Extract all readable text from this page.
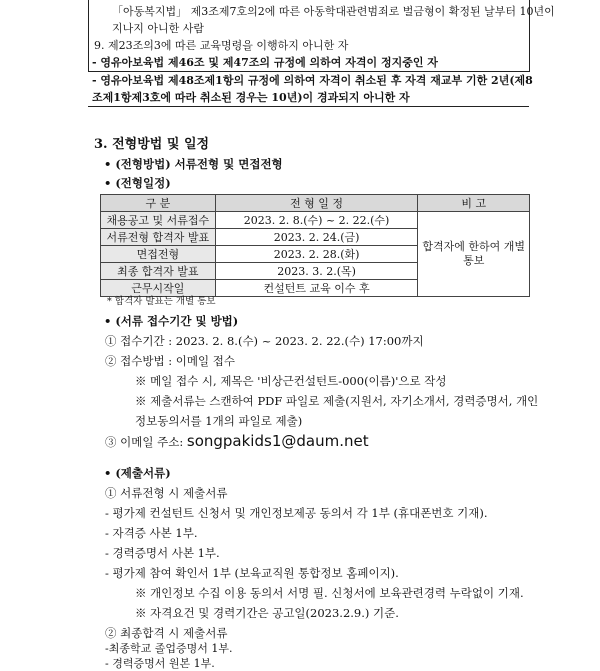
「아동복지법」 제3조제7호의2에 따른 아동학대관련범죄로 벌금형이 확정된 날부터 10년이
지나지 아니한 사람
9. 제23조의3에 따른 교육명령을 이행하지 아니한 자
- 영유아보육법 제46조 및 제47조의 규정에 의하여 자격이 정지중인 자
- 영유아보육법 제48조제1항의 규정에 의하여 자격이 취소된 후 자격 재교부 기한 2년(제8
조제1항제3호에 따라 취소된 경우는 10년)이 경과되지 아니한 자
3. 전형방법 및 일정
• (전형방법) 서류전형 및 면접전형
• (전형일정)
구 분	전 형 일 정	비 고
채용공고 및 서류접수	2023. 2. 8.(수) ~ 2. 22.(수)	합격자에 한하여 개별 통보
서류전형 합격자 발표	2023. 2. 24.(금)	
면접전형	2023. 2. 28.(화)	
최종 합격자 발표	2023. 3. 2.(목)	
근무시작일	컨설턴트 교육 이수 후	
* 합격자 발표는 개별 통보
• (서류 접수기간 및 방법)
① 접수기간 : 2023. 2. 8.(수) ~ 2023. 2. 22.(수) 17:00까지
② 접수방법 : 이메일 접수
※ 메일 접수 시, 제목은 '비상근컨설턴트-000(이름)'으로 작성
※ 제출서류는 스캔하여 PDF 파일로 제출(지원서, 자기소개서, 경력증명서, 개인
정보동의서를 1개의 파일로 제출)
③ 이메일 주소: songpakids1@daum.net
• (제출서류)
① 서류전형 시 제출서류
- 평가제 컨설턴트 신청서 및 개인정보제공 동의서 각 1부 (휴대폰번호 기재).
- 자격증 사본 1부.
- 경력증명서 사본 1부.
- 평가제 참여 확인서 1부 (보육교직원 통합정보 홈페이지).
※ 개인정보 수집 이용 동의서 서명 필. 신청서에 보육관련경력 누락없이 기재.
※ 자격요건 및 경력기간은 공고일(2023.2.9.) 기준.
② 최종합격 시 제출서류
-최종학교 졸업증명서 1부.
- 경력증명서 원본 1부.
